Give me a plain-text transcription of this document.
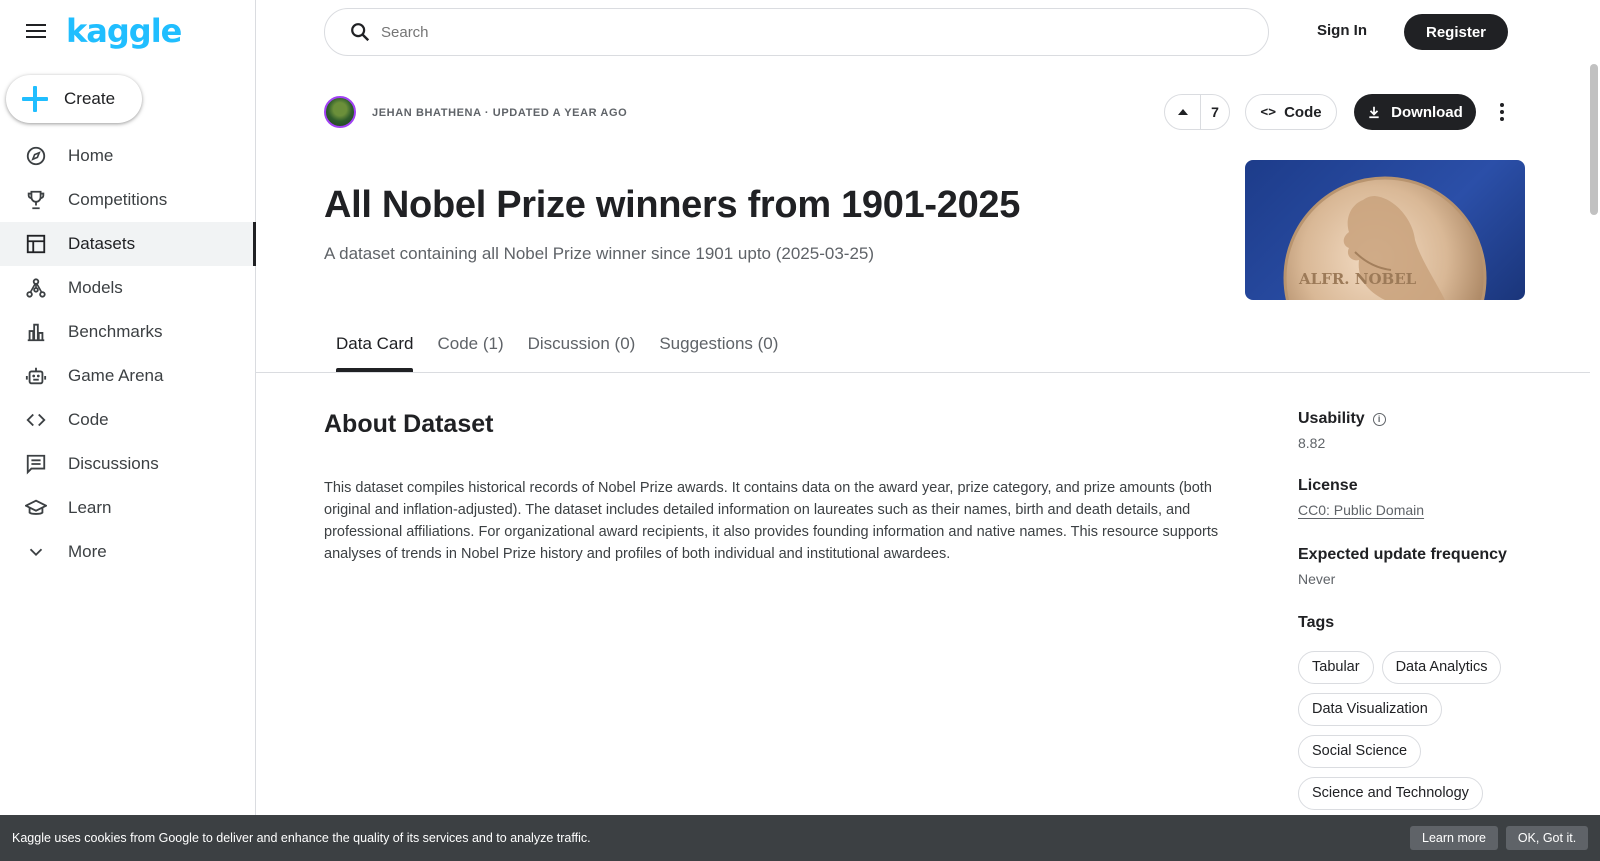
kaggle
Create
Home
Competitions
Datasets
Models
Benchmarks
Game Arena
Code
Discussions
Learn
More
Search
Sign In	Register
JEHAN BHATHENA · UPDATED A YEAR AGO	7	<> Code	Download
All Nobel Prize winners from 1901-2025
A dataset containing all Nobel Prize winner since 1901 upto (2025-03-25)
ALFR. NOBEL
Data Card	Code (1)	Discussion (0)	Suggestions (0)
About Dataset

This dataset compiles historical records of Nobel Prize awards. It contains data on the award year, prize category, and prize amounts (both original and inflation-adjusted). The dataset includes detailed information on laureates such as their names, birth and death details, and professional affiliations. For organizational award recipients, it also provides founding information and native names. This resource supports analyses of trends in Nobel Prize history and profiles of both individual and institutional awardees.

Usability	i
8.82
License
CC0: Public Domain
Expected update frequency
Never
Tags
Tabular Data Analytics
Data Visualization
Social Science
Science and Technology
Kaggle uses cookies from Google to deliver and enhance the quality of its services and to analyze traffic.	Learn more	OK, Got it.
